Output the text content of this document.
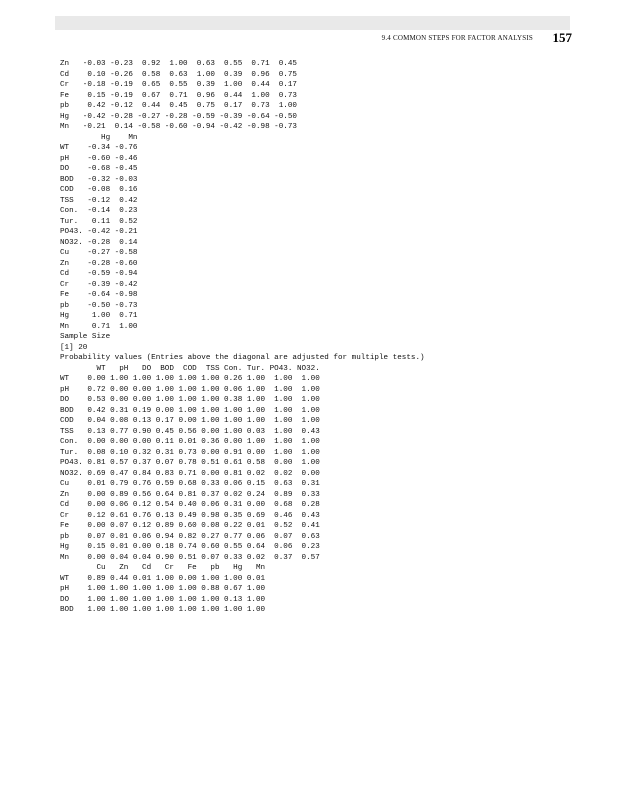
9.4 COMMON STEPS FOR FACTOR ANALYSIS	157
Zn   -0.03 -0.23  0.92  1.00  0.63  0.55  0.71  0.45
Cd    0.10 -0.26  0.58  0.63  1.00  0.39  0.96  0.75
Cr   -0.18 -0.19  0.65  0.55  0.39  1.00  0.44  0.17
Fe    0.15 -0.19  0.67  0.71  0.96  0.44  1.00  0.73
pb    0.42 -0.12  0.44  0.45  0.75  0.17  0.73  1.00
Hg   -0.42 -0.28 -0.27 -0.28 -0.59 -0.39 -0.64 -0.50
Mn   -0.21  0.14 -0.58 -0.60 -0.94 -0.42 -0.98 -0.73
Hg    Mn
WT    -0.34 -0.76
pH    -0.60 -0.46
DO    -0.68 -0.45
BOD   -0.32 -0.03
COD   -0.08  0.16
TSS   -0.12  0.42
Con.  -0.14  0.23
Tur.   0.11  0.52
PO43. -0.42 -0.21
NO32. -0.28  0.14
Cu    -0.27 -0.58
Zn    -0.28 -0.60
Cd    -0.59 -0.94
Cr    -0.39 -0.42
Fe    -0.64 -0.98
pb    -0.50 -0.73
Hg     1.00  0.71
Mn     0.71  1.00
Sample Size
[1] 20
Probability values (Entries above the diagonal are adjusted for multiple tests.)
WT   pH   DO  BOD  COD  TSS Con. Tur. PO43. NO32.
WT    0.00 1.00 1.00 1.00 1.00 1.00 0.26 1.00  1.00  1.00
pH    0.72 0.00 0.00 1.00 1.00 1.00 0.06 1.00  1.00  1.00
DO    0.53 0.00 0.00 1.00 1.00 1.00 0.38 1.00  1.00  1.00
BOD   0.42 0.31 0.19 0.00 1.00 1.00 1.00 1.00  1.00  1.00
COD   0.04 0.08 0.13 0.17 0.00 1.00 1.00 1.00  1.00  1.00
TSS   0.13 0.77 0.90 0.45 0.56 0.00 1.00 0.03  1.00  0.43
Con.  0.00 0.00 0.00 0.11 0.01 0.36 0.00 1.00  1.00  1.00
Tur.  0.08 0.10 0.32 0.31 0.73 0.00 0.91 0.00  1.00  1.00
PO43. 0.81 0.57 0.37 0.07 0.78 0.51 0.61 0.58  0.00  1.00
NO32. 0.69 0.47 0.84 0.83 0.71 0.00 0.81 0.02  0.02  0.00
Cu    0.01 0.79 0.76 0.59 0.68 0.33 0.06 0.15  0.63  0.31
Zn    0.00 0.89 0.56 0.64 0.81 0.37 0.02 0.24  0.89  0.33
Cd    0.00 0.06 0.12 0.54 0.40 0.06 0.31 0.00  0.68  0.28
Cr    0.12 0.61 0.76 0.13 0.49 0.98 0.35 0.69  0.46  0.43
Fe    0.00 0.07 0.12 0.89 0.60 0.08 0.22 0.01  0.52  0.41
pb    0.07 0.01 0.06 0.94 0.82 0.27 0.77 0.06  0.07  0.63
Hg    0.15 0.01 0.00 0.18 0.74 0.60 0.55 0.64  0.06  0.23
Mn    0.00 0.04 0.04 0.90 0.51 0.07 0.33 0.02  0.37  0.57
Cu   Zn   Cd   Cr   Fe   pb   Hg   Mn
WT    0.89 0.44 0.01 1.00 0.00 1.00 1.00 0.01
pH    1.00 1.00 1.00 1.00 1.00 0.88 0.67 1.00
DO    1.00 1.00 1.00 1.00 1.00 1.00 0.13 1.00
BOD   1.00 1.00 1.00 1.00 1.00 1.00 1.00 1.00
